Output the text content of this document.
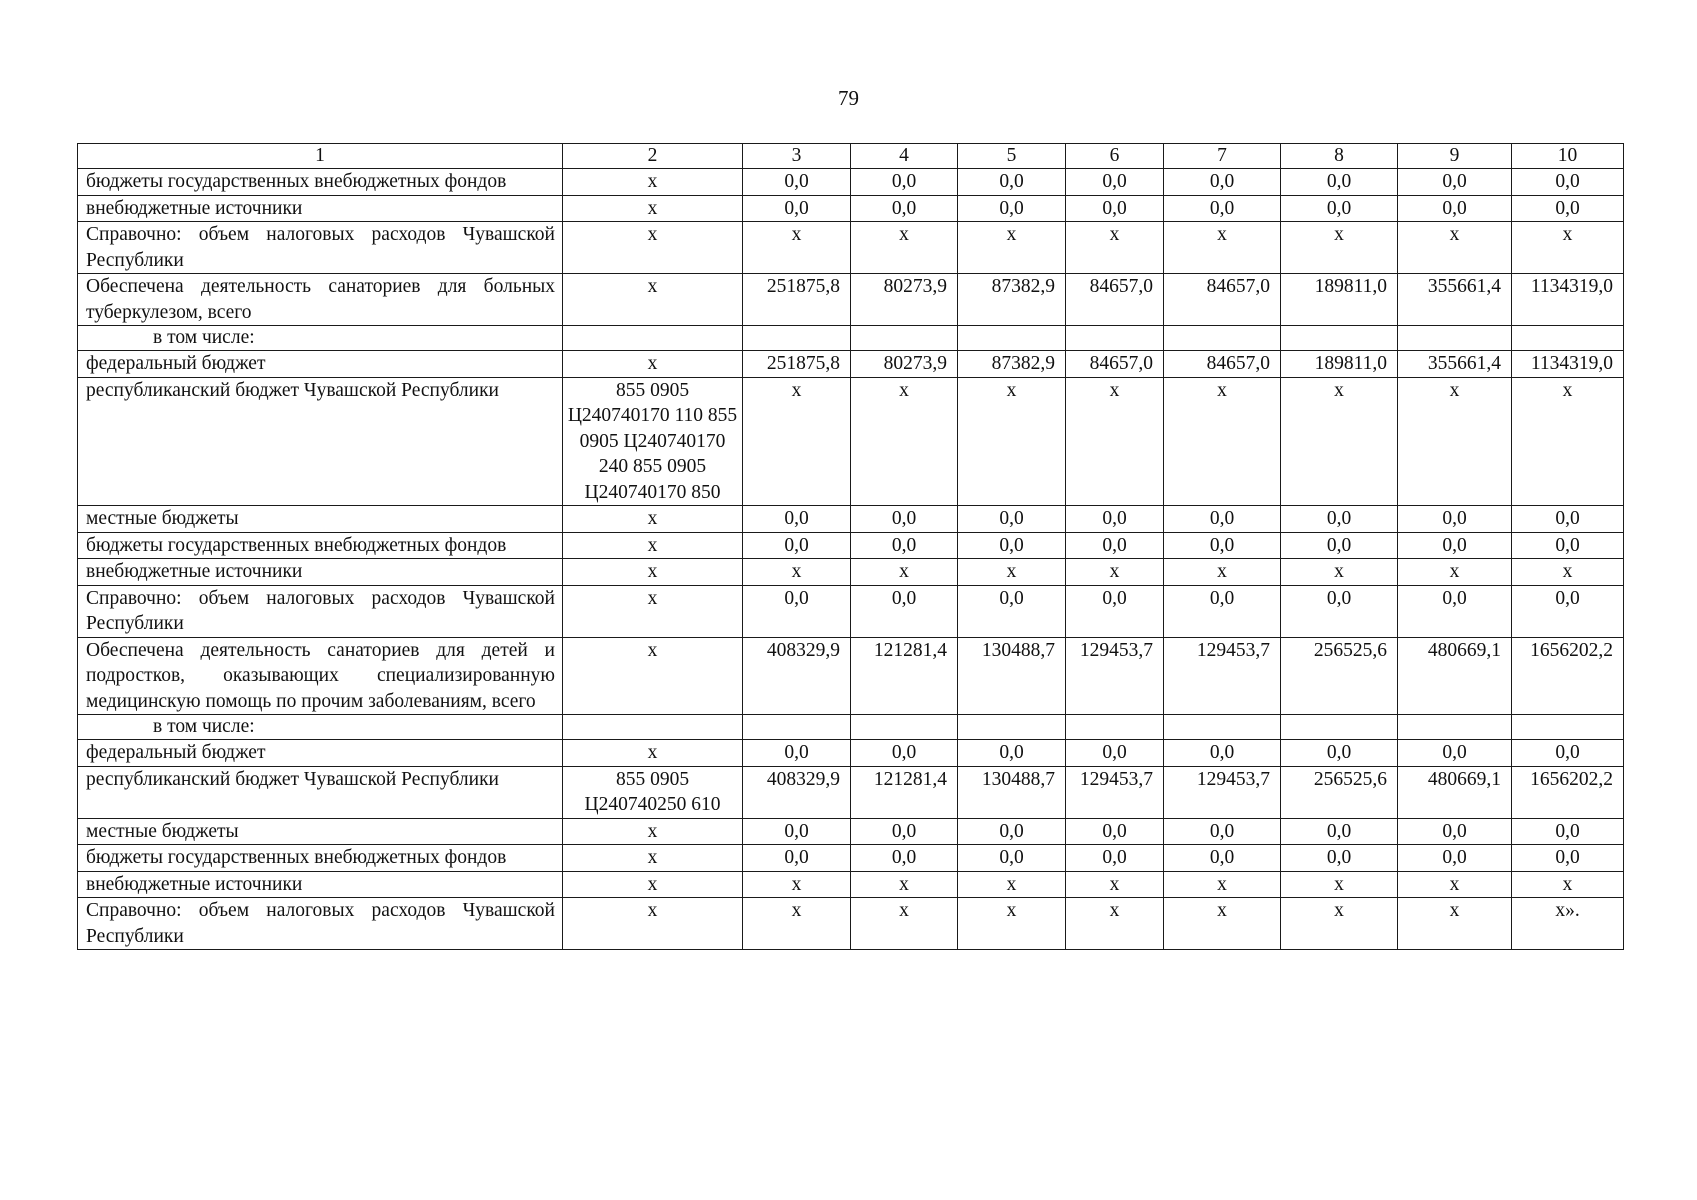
79
1	2	3	4	5	6	7	8	9	10
бюджеты государственных внебюджетных фондов	x	0,0	0,0	0,0	0,0	0,0	0,0	0,0	0,0
внебюджетные источники	x	0,0	0,0	0,0	0,0	0,0	0,0	0,0	0,0
Справочно: объем налоговых расходов Чувашской Республики	x	x	x	x	x	x	x	x	x
Обеспечена деятельность санаториев для больных туберкулезом, всего	x	251875,8	80273,9	87382,9	84657,0	84657,0	189811,0	355661,4	1134319,0
в том числе:									
федеральный бюджет	x	251875,8	80273,9	87382,9	84657,0	84657,0	189811,0	355661,4	1134319,0
республиканский бюджет Чувашской Республики	855 0905 Ц240740170 110 855 0905 Ц240740170 240 855 0905 Ц240740170 850	x	x	x	x	x	x	x	x
местные бюджеты	x	0,0	0,0	0,0	0,0	0,0	0,0	0,0	0,0
бюджеты государственных внебюджетных фондов	x	0,0	0,0	0,0	0,0	0,0	0,0	0,0	0,0
внебюджетные источники	x	x	x	x	x	x	x	x	x
Справочно: объем налоговых расходов Чувашской Республики	x	0,0	0,0	0,0	0,0	0,0	0,0	0,0	0,0
Обеспечена деятельность санаториев для детей и подростков, оказывающих специализированную медицинскую помощь по прочим заболеваниям, всего	x	408329,9	121281,4	130488,7	129453,7	129453,7	256525,6	480669,1	1656202,2
в том числе:									
федеральный бюджет	x	0,0	0,0	0,0	0,0	0,0	0,0	0,0	0,0
республиканский бюджет Чувашской Республики	855 0905 Ц240740250 610	408329,9	121281,4	130488,7	129453,7	129453,7	256525,6	480669,1	1656202,2
местные бюджеты	x	0,0	0,0	0,0	0,0	0,0	0,0	0,0	0,0
бюджеты государственных внебюджетных фондов	x	0,0	0,0	0,0	0,0	0,0	0,0	0,0	0,0
внебюджетные источники	x	x	x	x	x	x	x	x	x
Справочно: объем налоговых расходов Чувашской Республики	x	x	x	x	x	x	x	x	x».
